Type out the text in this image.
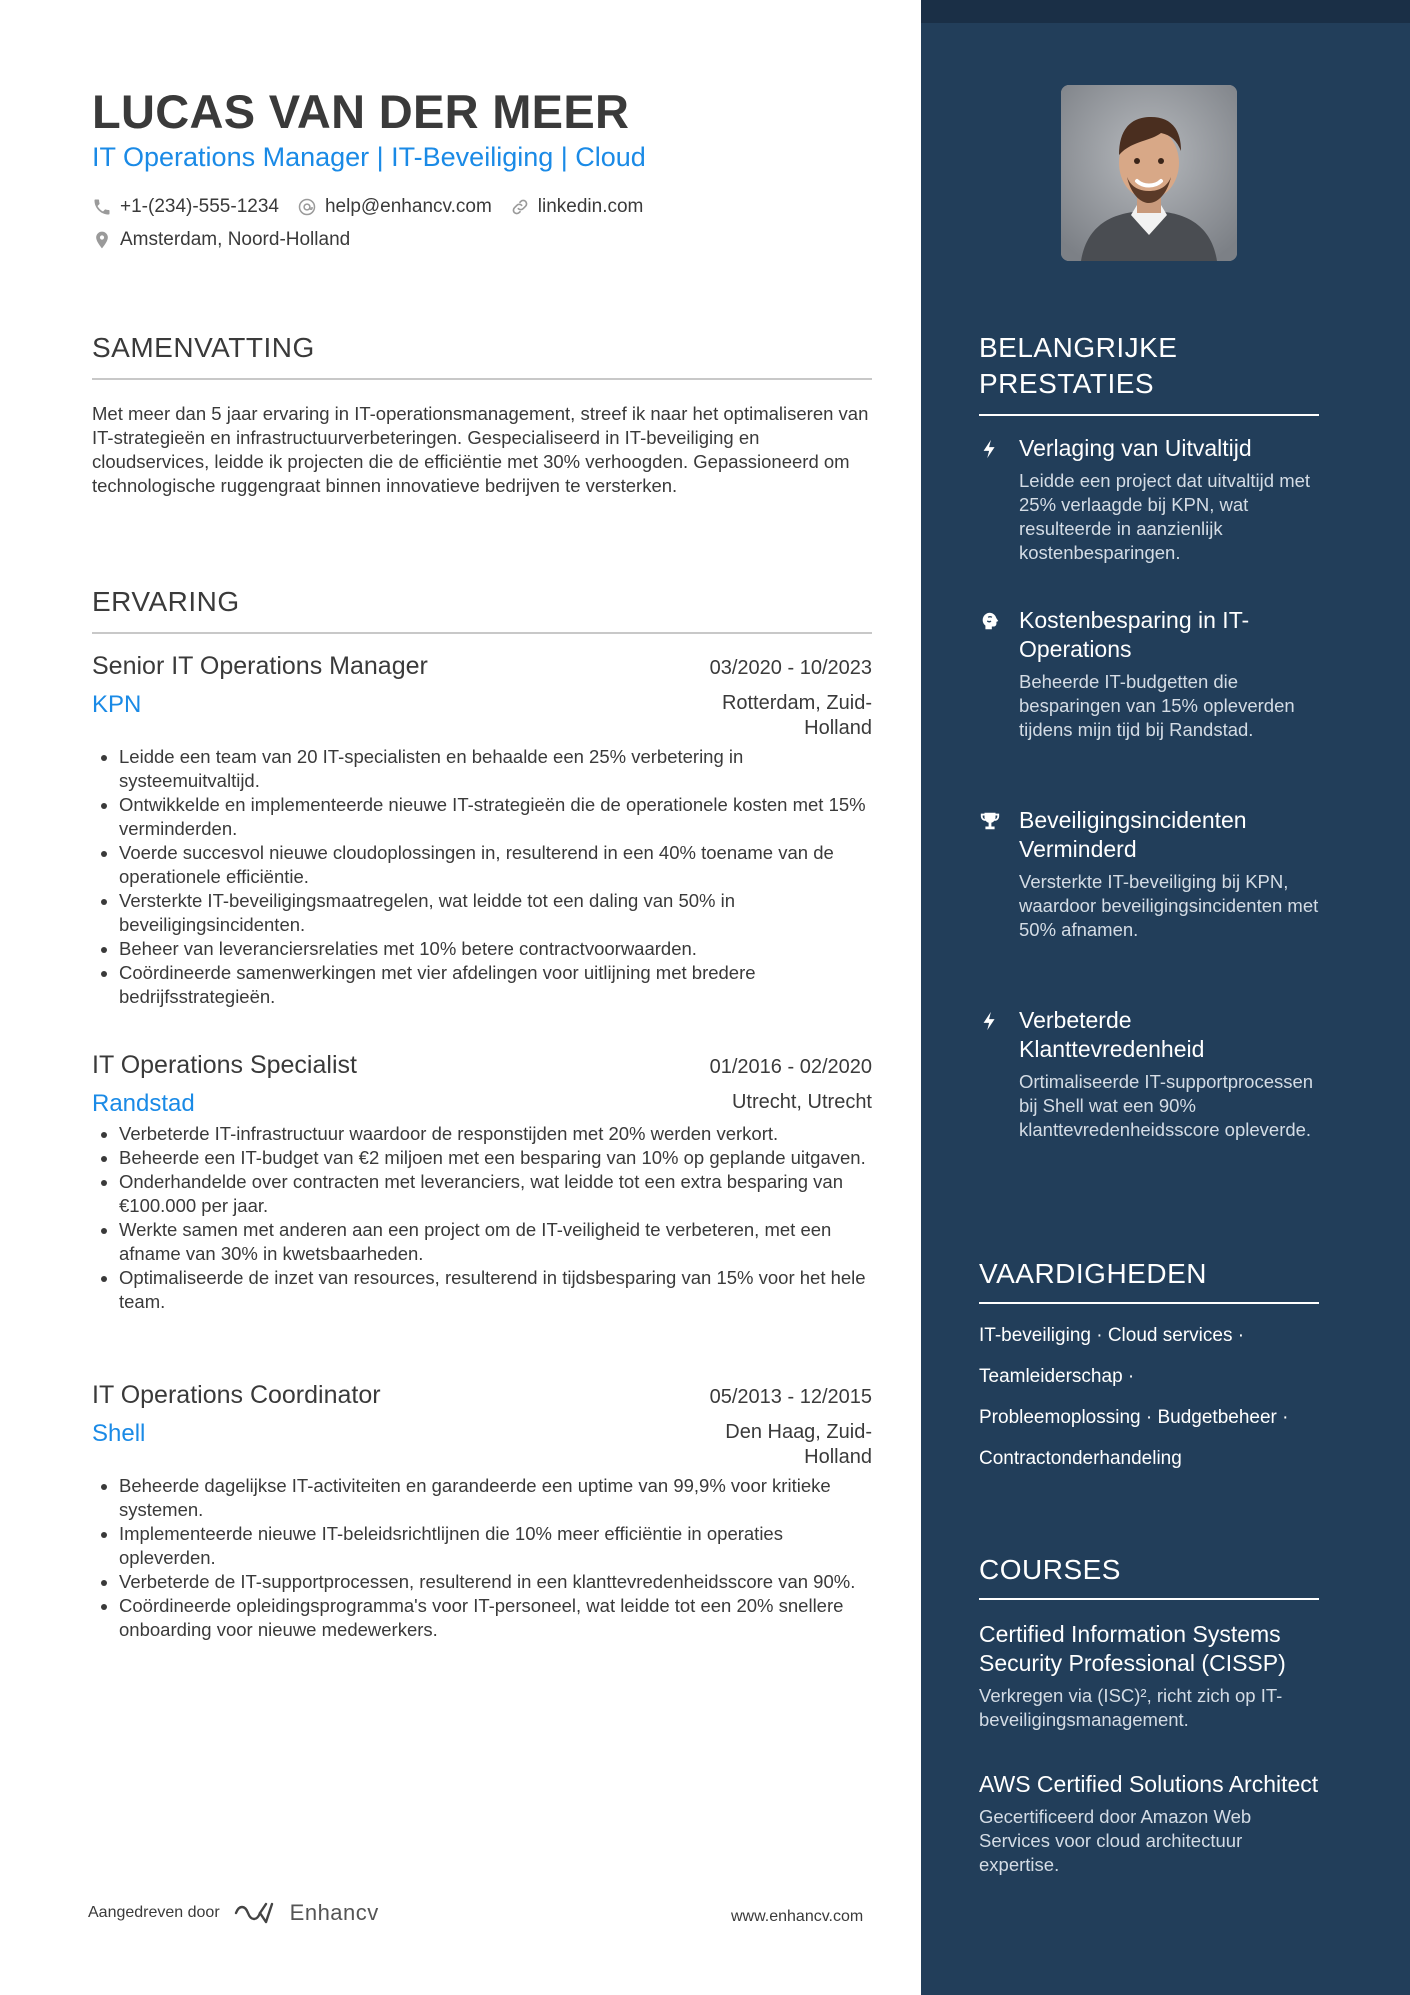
LUCAS VAN DER MEER
IT Operations Manager | IT-Beveiliging | Cloud
+1-(234)-555-1234 help@enhancv.com linkedin.com
Amsterdam, Noord-Holland
SAMENVATTING

Met meer dan 5 jaar ervaring in IT-operationsmanagement, streef ik naar het optimaliseren van IT-strategieën en infrastructuurverbeteringen. Gespecialiseerd in IT-beveiliging en cloudservices, leidde ik projecten die de efficiëntie met 30% verhoogden. Gepassioneerd om technologische ruggengraat binnen innovatieve bedrijven te versterken.

ERVARING
Senior IT Operations Manager	03/2020 - 10/2023
KPN	Rotterdam, Zuid-Holland
• Leidde een team van 20 IT-specialisten en behaalde een 25% verbetering in systeemuitvaltijd.
• Ontwikkelde en implementeerde nieuwe IT-strategieën die de operationele kosten met 15% verminderden.
• Voerde succesvol nieuwe cloudoplossingen in, resulterend in een 40% toename van de operationele efficiëntie.
• Versterkte IT-beveiligingsmaatregelen, wat leidde tot een daling van 50% in beveiligingsincidenten.
• Beheer van leveranciersrelaties met 10% betere contractvoorwaarden.
• Coördineerde samenwerkingen met vier afdelingen voor uitlijning met bredere bedrijfsstrategieën.
IT Operations Specialist	01/2016 - 02/2020
Randstad	Utrecht, Utrecht
• Verbeterde IT-infrastructuur waardoor de responstijden met 20% werden verkort.
• Beheerde een IT-budget van €2 miljoen met een besparing van 10% op geplande uitgaven.
• Onderhandelde over contracten met leveranciers, wat leidde tot een extra besparing van €100.000 per jaar.
• Werkte samen met anderen aan een project om de IT-veiligheid te verbeteren, met een afname van 30% in kwetsbaarheden.
• Optimaliseerde de inzet van resources, resulterend in tijdsbesparing van 15% voor het hele team.
IT Operations Coordinator	05/2013 - 12/2015
Shell	Den Haag, Zuid-Holland
• Beheerde dagelijkse IT-activiteiten en garandeerde een uptime van 99,9% voor kritieke systemen.
• Implementeerde nieuwe IT-beleidsrichtlijnen die 10% meer efficiëntie in operaties opleverden.
• Verbeterde de IT-supportprocessen, resulterend in een klanttevredenheidsscore van 90%.
• Coördineerde opleidingsprogramma's voor IT-personeel, wat leidde tot een 20% snellere onboarding voor nieuwe medewerkers.
Aangedreven door	Enhancv	www.enhancv.com
BELANGRIJKE PRESTATIES
Verlaging van Uitvaltijd
Leidde een project dat uitvaltijd met 25% verlaagde bij KPN, wat resulteerde in aanzienlijk kostenbesparingen.
Kostenbesparing in IT-Operations
Beheerde IT-budgetten die besparingen van 15% opleverden tijdens mijn tijd bij Randstad.
Beveiligingsincidenten Verminderd
Versterkte IT-beveiliging bij KPN, waardoor beveiligingsincidenten met 50% afnamen.
Verbeterde Klanttevredenheid
Ortimaliseerde IT-supportprocessen bij Shell wat een 90% klanttevredenheidsscore opleverde.
VAARDIGHEDEN
IT-beveiliging · Cloud services ·
Teamleiderschap ·
Probleemoplossing · Budgetbeheer ·
Contractonderhandeling
COURSES
Certified Information Systems Security Professional (CISSP)
Verkregen via (ISC)², richt zich op IT-beveiligingsmanagement.
AWS Certified Solutions Architect
Gecertificeerd door Amazon Web Services voor cloud architectuur expertise.
